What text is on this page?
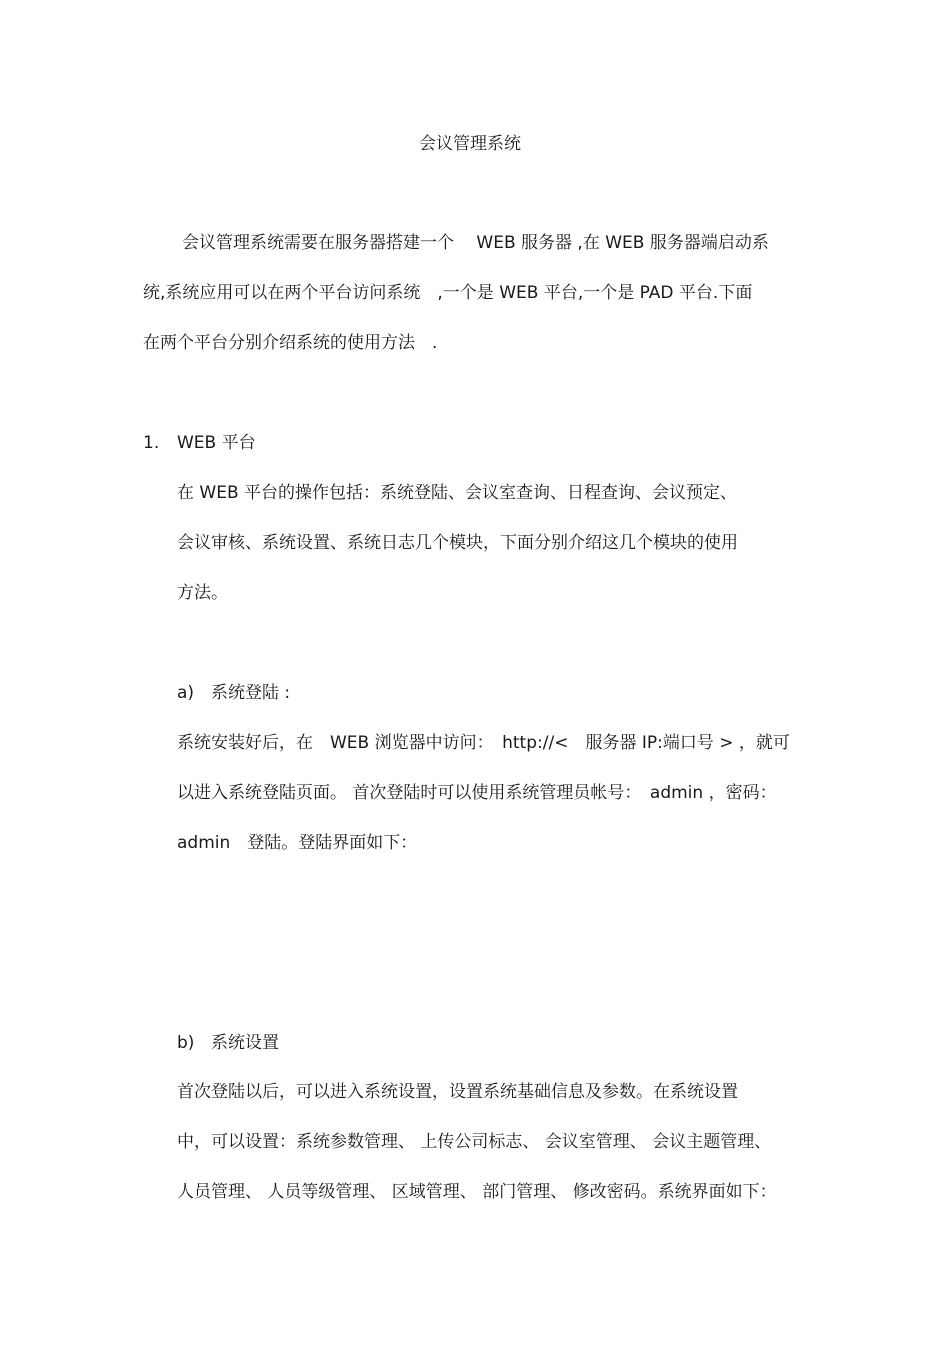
会议管理系统
会议管理系统需要在服务器搭建一个　 WEB 服务器 ,在 WEB 服务器端启动系
统,系统应用可以在两个平台访问系统　,一个是 WEB 平台,一个是 PAD 平台.下面
在两个平台分别介绍系统的使用方法　.
1. WEB 平台
在 WEB 平台的操作包括：系统登陆、会议室查询、日程查询、会议预定、
会议审核、系统设置、系统日志几个模块，下面分别介绍这几个模块的使用
方法。
a) 系统登陆 :
系统安装好后，在　WEB 浏览器中访问：　http://<　服务器 IP:端口号 > ，就可
以进入系统登陆页面。 首次登陆时可以使用系统管理员帐号：　admin ，密码：
admin　登陆。登陆界面如下：
b) 系统设置
首次登陆以后，可以进入系统设置，设置系统基础信息及参数。在系统设置
中，可以设置：系统参数管理、 上传公司标志、 会议室管理、 会议主题管理、
人员管理、 人员等级管理、 区域管理、 部门管理、 修改密码。系统界面如下：
